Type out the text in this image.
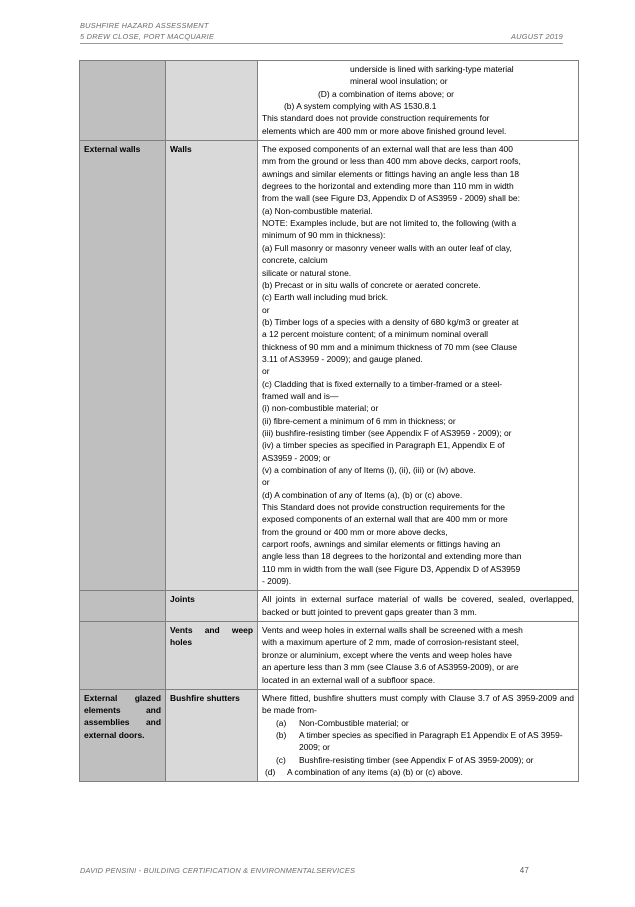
BUSHFIRE HAZARD ASSESSMENT
5 DREW CLOSE, PORT MACQUARIE	AUGUST 2019

underside is lined with sarking-type material

mineral wool insulation; or

(D) a combination of items above; or

(b) A system complying with AS 1530.8.1

This standard does not provide construction requirements for

elements which are 400 mm or more above finished ground level.

External walls	Walls	The exposed components of an external wall that are less than 400

mm from the ground or less than 400 mm above decks, carport roofs,

awnings and similar elements or fittings having an angle less than 18

degrees to the horizontal and extending more than 110 mm in width

from the wall (see Figure D3, Appendix D of AS3959 - 2009) shall be:

(a) Non-combustible material.

NOTE: Examples include, but are not limited to, the following (with a

minimum of 90 mm in thickness):

(a) Full masonry or masonry veneer walls with an outer leaf of clay,

concrete, calcium

silicate or natural stone.

(b) Precast or in situ walls of concrete or aerated concrete.

(c) Earth wall including mud brick.

or

(b) Timber logs of a species with a density of 680 kg/m3 or greater at

a 12 percent moisture content; of a minimum nominal overall

thickness of 90 mm and a minimum thickness of 70 mm (see Clause

3.11 of AS3959 - 2009); and gauge planed.

or

(c) Cladding that is fixed externally to a timber-framed or a steel-

framed wall and is—

(i) non-combustible material; or

(ii) fibre-cement a minimum of 6 mm in thickness; or

(iii) bushfire-resisting timber (see Appendix F of AS3959 - 2009); or

(iv) a timber species as specified in Paragraph E1, Appendix E of

AS3959 - 2009; or

(v) a combination of any of Items (i), (ii), (iii) or (iv) above.

or

(d) A combination of any of Items (a), (b) or (c) above.

This Standard does not provide construction requirements for the

exposed components of an external wall that are 400 mm or more

from the ground or 400 mm or more above decks,

carport roofs, awnings and similar elements or fittings having an

angle less than 18 degrees to the horizontal and extending more than

110 mm in width from the wall (see Figure D3, Appendix D of AS3959

- 2009).

	Joints	All joints in external surface material of walls be covered, sealed, overlapped, backed or butt jointed to prevent gaps greater than 3 mm.
	Vents and weep holes	Vents and weep holes in external walls shall be screened with a mesh

with a maximum aperture of 2 mm, made of corrosion-resistant steel,

bronze or aluminium, except where the vents and weep holes have

an aperture less than 3 mm (see Clause 3.6 of AS3959-2009), or are

located in an external wall of a subfloor space.

External glazed elements and assemblies and external doors.	Bushfire shutters	Where fitted, bushfire shutters must comply with Clause 3.7 of AS 3959-2009 and be made from-

(a) Non-Combustible material; or
(b) A timber species as specified in Paragraph E1 Appendix E of AS 3959-2009; or
(c) Bushfire-resisting timber (see Appendix F of AS 3959-2009); or
(d) A combination of any items (a) (b) or (c) above.
DAVID PENSINI - BUILDING CERTIFICATION & ENVIRONMENTALSERVICES	47
